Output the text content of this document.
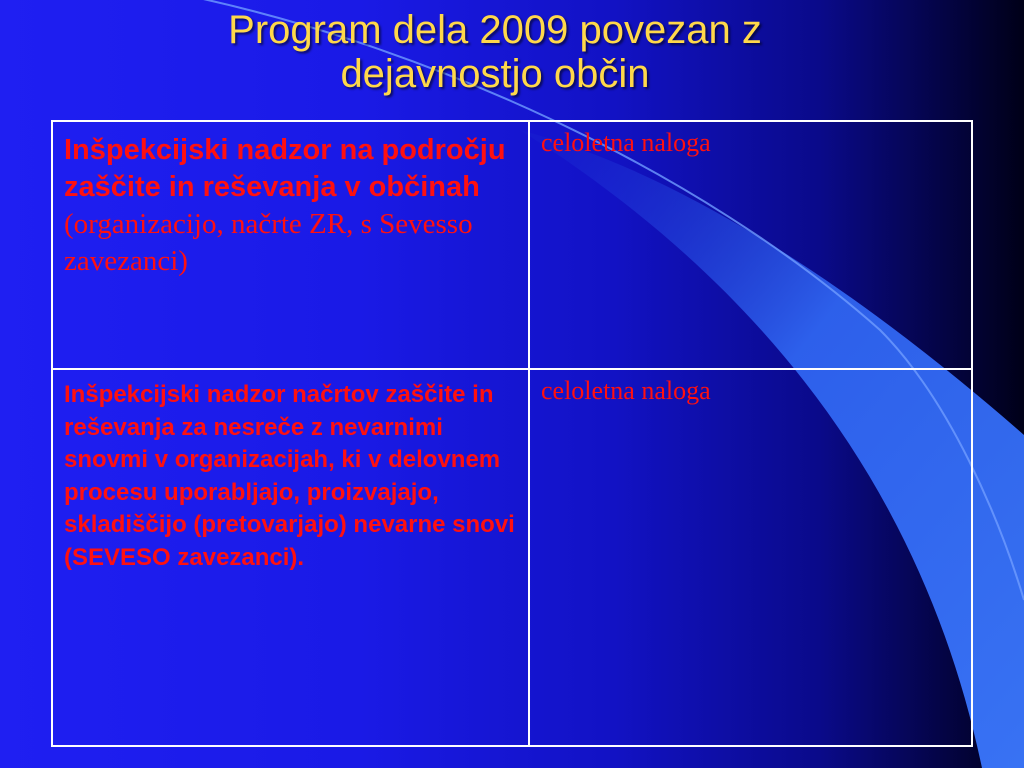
Program dela 2009 povezan z
dejavnostjo občin
Inšpekcijski nadzor na področju zaščite in reševanja v občinah (organizacijo, načrte ZR, s Sevesso zavezanci)
celoletna naloga
Inšpekcijski nadzor načrtov zaščite in reševanja za nesreče z nevarnimi snovmi v organizacijah, ki v delovnem procesu uporabljajo, proizvajajo, skladiščijo (pretovarjajo) nevarne snovi (SEVESO zavezanci).
celoletna naloga
